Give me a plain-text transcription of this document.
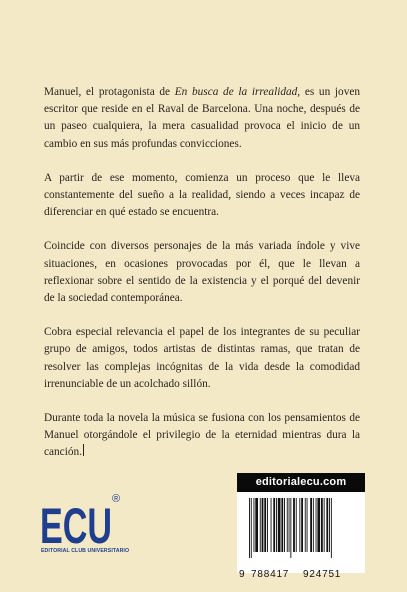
Manuel, el protagonista de En busca de la irrealidad, es un joven escritor que reside en el Raval de Barcelona. Una noche, después de un paseo cualquiera, la mera casualidad provoca el inicio de un cambio en sus más profundas convicciones.

A partir de ese momento, comienza un proceso que le lleva constantemente del sueño a la realidad, siendo a veces incapaz de diferenciar en qué estado se encuentra.

Coincide con diversos personajes de la más variada índole y vive situaciones, en ocasiones provocadas por él, que le llevan a reflexionar sobre el sentido de la existencia y el porqué del devenir de la sociedad contemporánea.

Cobra especial relevancia el papel de los integrantes de su peculiar grupo de amigos, todos artistas de distintas ramas, que tratan de resolver las complejas incógnitas de la vida desde la comodidad irrenunciable de un acolchado sillón.

Durante toda la novela la música se fusiona con los pensamientos de Manuel otorgándole el privilegio de la eternidad mientras dura la canción.

ECU ®
EDITORIAL CLUB UNIVERSITARIO
editorialecu.com
9 788417 924751
